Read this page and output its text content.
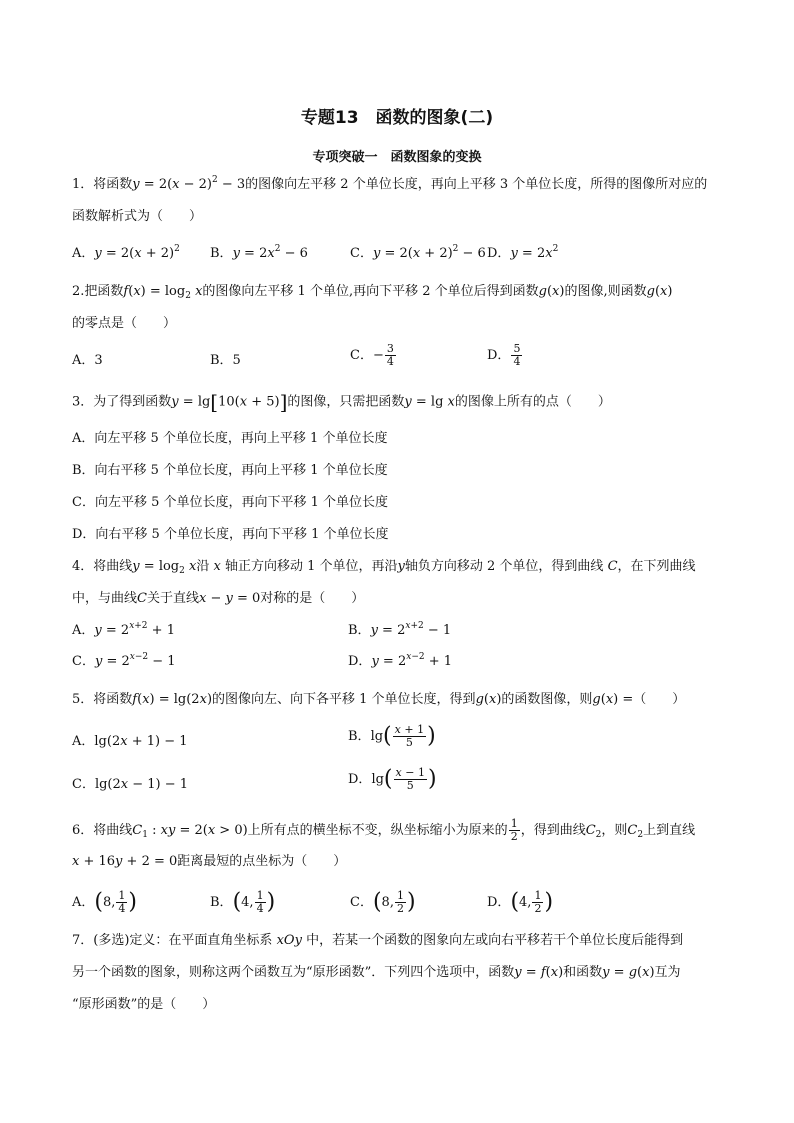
专题13　函数的图象(二)
专项突破一　函数图象的变换
1．将函数$y = 2(x - 2)^2 - 3$的图像向左平移 2 个单位长度，再向上平移 3 个单位长度，所得的图像所对应的
函数解析式为（　　）
A．$y = 2(x + 2)^2$ B．$y = 2x^2 - 6$	C．$y = 2(x + 2)^2 - 6$ D．$y = 2x^2$
2.把函数$f(x) = \log_2 x$的图像向左平移 1 个单位,再向下平移 2 个单位后得到函数g(x)的图像,则函数g(x)
的零点是（　　）
A．3	B．5	C．− $\frac{3}{4}$	D． $\frac{5}{4}$
3．为了得到函数y = lg[10(x + 5)]的图像，只需把函数y = lg x的图像上所有的点（　　）
A．向左平移 5 个单位长度，再向上平移 1 个单位长度
B．向右平移 5 个单位长度，再向上平移 1 个单位长度
C．向左平移 5 个单位长度，再向下平移 1 个单位长度
D．向右平移 5 个单位长度，再向下平移 1 个单位长度
4．将曲线$y = \log_2 x$沿 x 轴正方向移动 1 个单位，再沿y轴负方向移动 2 个单位，得到曲线 C，在下列曲线
中，与曲线C关于直线x − y = 0对称的是（　　）
A．$y = 2^{x+2} + 1$	B．$y = 2^{x+2} - 1$
C．$y = 2^{x-2} - 1$	D．$y = 2^{x-2} + 1$
5．将函数f(x) = lg(2x)的图像向左、向下各平移 1 个单位长度，得到g(x)的函数图像，则g(x) =（　　）
A．lg(2x + 1) − 1	B．$\lg( \frac{x + 1}{5}$ )
C．lg(2x − 1) − 1	D．$\lg( \frac{x - 1}{5}$ )
6．将曲线$C_1$ : xy = 2(x > 0)上所有点的横坐标不变，纵坐标缩小为原来的 $\frac{1}{2}$ ，得到曲线$C_2$，则$C_2$上到直线
x + 16y + 2 = 0距离最短的点坐标为（　　）
A．(8, $\frac{1}{4}$ )	B．(4, $\frac{1}{4}$ )	C．(8, $\frac{1}{2}$ )	D．(4, $\frac{1}{2}$ )
7．(多选)定义：在平面直角坐标系 xOy 中，若某一个函数的图象向左或向右平移若干个单位长度后能得到
另一个函数的图象，则称这两个函数互为“原形函数”．下列四个选项中，函数y = f(x)和函数y = g(x)互为
“原形函数”的是（　　）
